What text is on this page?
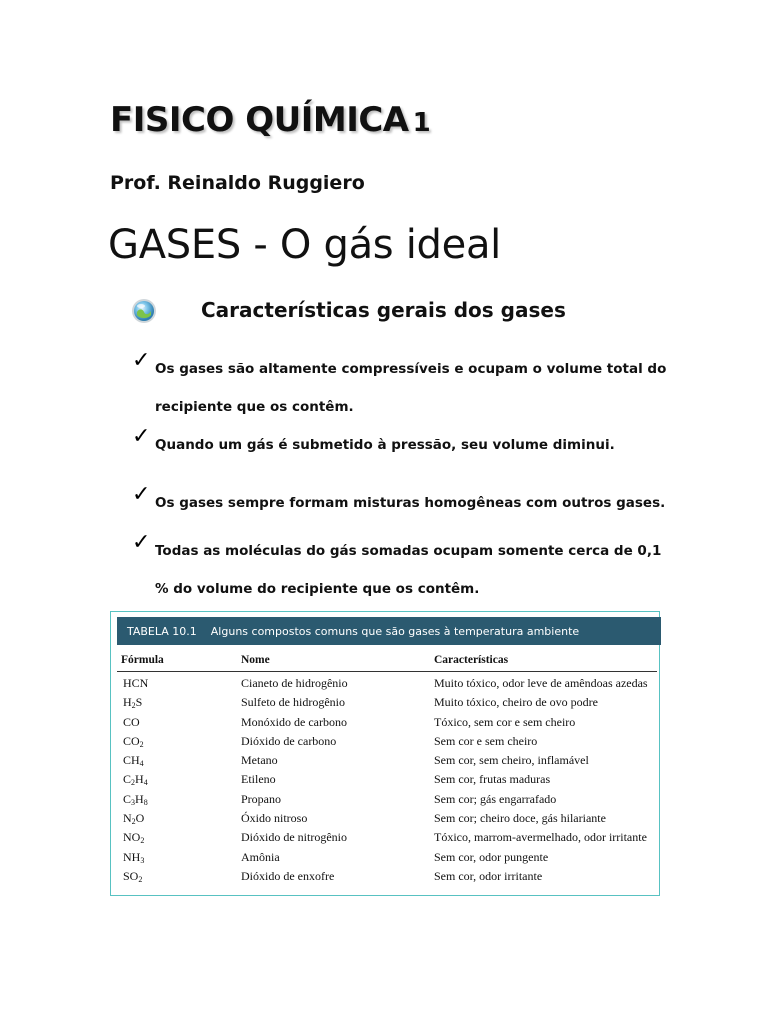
FISICO QUÍMICA 1
Prof. Reinaldo Ruggiero
GASES - O gás ideal
Características gerais dos gases
✓ Os gases são altamente compressíveis e ocupam o volume total do recipiente que os contêm.
✓ Quando um gás é submetido à pressão, seu volume diminui.
✓ Os gases sempre formam misturas homogêneas com outros gases.
✓ Todas as moléculas do gás somadas ocupam somente cerca de 0,1 % do volume do recipiente que os contêm.
TABELA 10.1 Alguns compostos comuns que são gases à temperatura ambiente
Fórmula	Nome	Características
HCN	Cianeto de hidrogênio	Muito tóxico, odor leve de amêndoas azedas
$H_2S$	Sulfeto de hidrogênio	Muito tóxico, cheiro de ovo podre
CO	Monóxido de carbono	Tóxico, sem cor e sem cheiro
$CO_2$	Dióxido de carbono	Sem cor e sem cheiro
$CH_4$	Metano	Sem cor, sem cheiro, inflamável
$C_2H_4$	Etileno	Sem cor, frutas maduras
$C_3H_8$	Propano	Sem cor; gás engarrafado
$N_2O$	Óxido nitroso	Sem cor; cheiro doce, gás hilariante
$NO_2$	Dióxido de nitrogênio	Tóxico, marrom-avermelhado, odor irritante
$NH_3$	Amônia	Sem cor, odor pungente
$SO_2$	Dióxido de enxofre	Sem cor, odor irritante
